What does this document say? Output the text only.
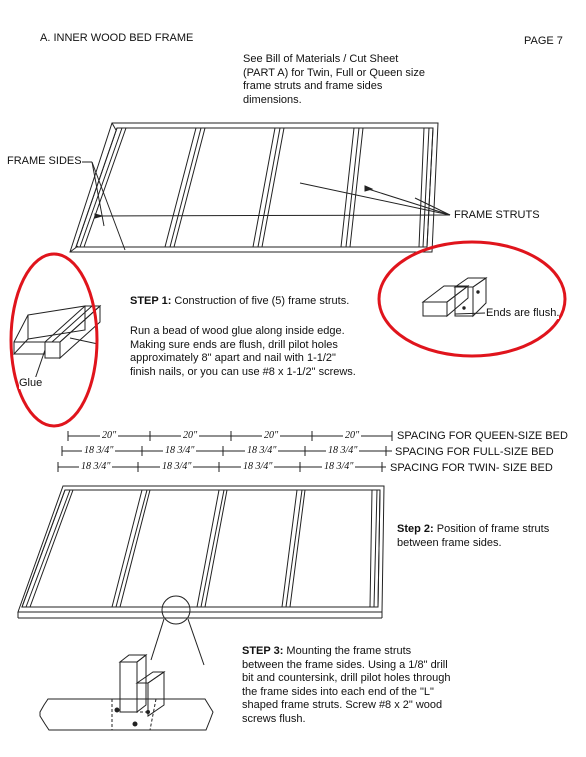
A. INNER WOOD BED FRAME	PAGE 7
See Bill of Materials / Cut Sheet (PART A) for Twin, Full or Queen size frame struts and frame sides dimensions.
FRAME SIDES
FRAME STRUTS
Glue
Ends are flush.
STEP 1: Construction of five (5) frame struts.
Run a bead of wood glue along inside edge. Making sure ends are flush, drill pilot holes approximately 8" apart and nail with 1-1/2" finish nails, or you can use #8 x 1-1/2" screws.
20"	20"	20"	20"
18 3/4"	18 3/4"	18 3/4"	18 3/4"
18 3/4"	18 3/4"	18 3/4"	18 3/4"
SPACING FOR QUEEN-SIZE BED
SPACING FOR FULL-SIZE BED
SPACING FOR TWIN- SIZE BED
Step 2: Position of frame struts between frame sides.
STEP 3: Mounting the frame struts between the frame sides. Using a 1/8" drill bit and countersink, drill pilot holes through the frame sides into each end of the "L" shaped frame struts. Screw #8 x 2" wood screws flush.
